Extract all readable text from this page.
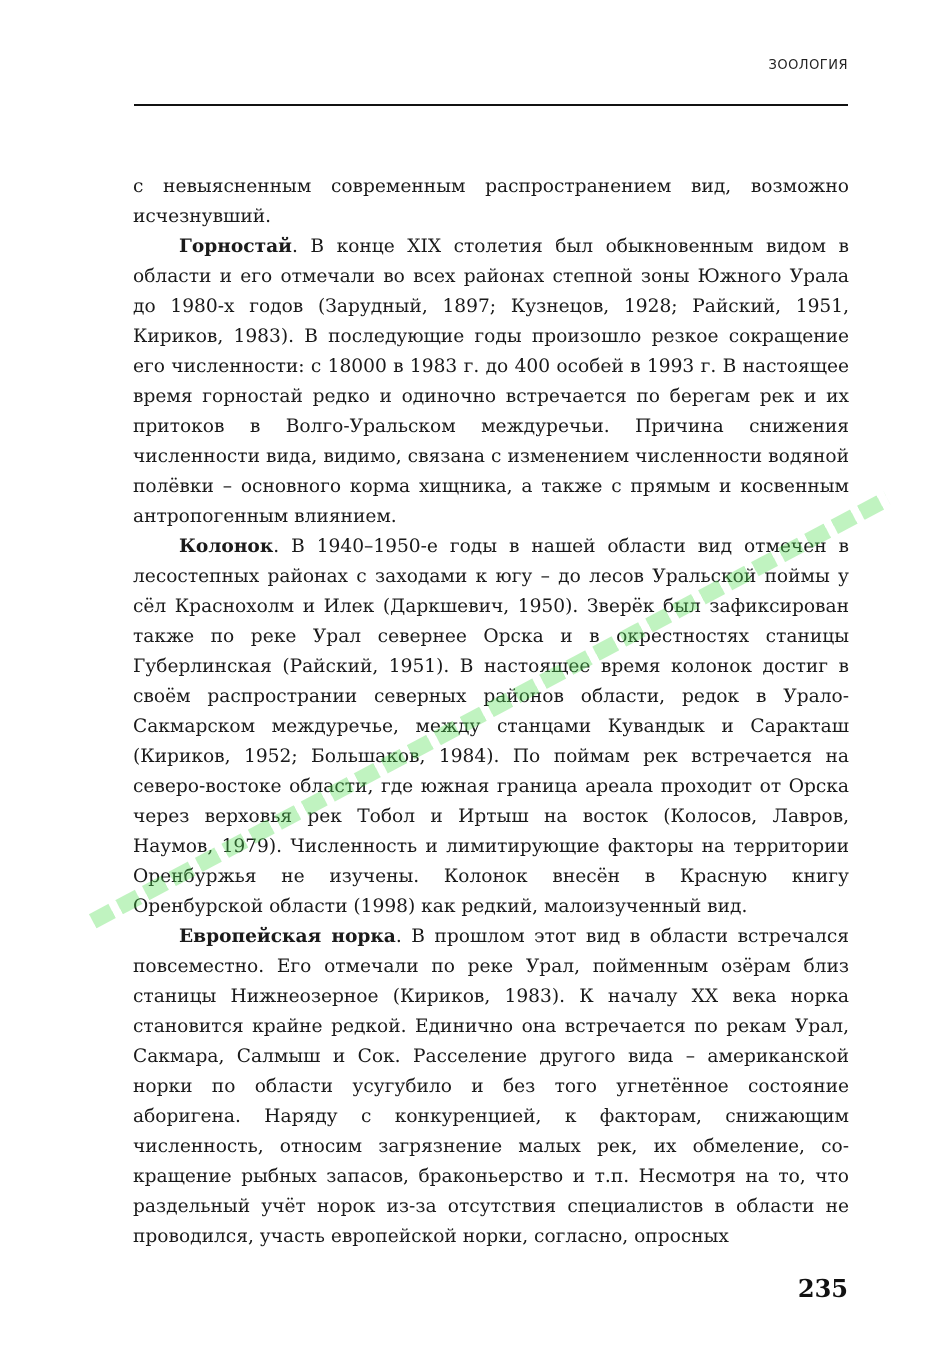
ЗООЛОГИЯ

с невыясненным современным распространением вид, возможно исчезнувший.

Горностай. В конце XIX столетия был обыкновенным видом в области и его отмечали во всех районах степной зоны Южного Урала до 1980-х годов (Зарудный, 1897; Кузнецов, 1928; Райский, 1951, Кириков, 1983). В последующие годы произошло резкое сокращение его численности: с 18000 в 1983 г. до 400 особей в 1993 г. В настоящее время горностай редко и одиночно встречается по берегам рек и их притоков в Волго-Уральском междуречьи. Причина снижения численности вида, видимо, связана с изменением численности водяной полёвки – основного корма хищника, а также с прямым и косвенным антропогенным влиянием.

Колонок. В 1940–1950-е годы в нашей области вид отмечен в лесостепных районах с заходами к югу – до лесов Уральской поймы у сёл Краснохолм и Илек (Даркшевич, 1950). Зверёк был зафиксирован также по реке Урал севернее Орска и в окрестностях станицы Губерлинская (Райский, 1951). В настоящее время колонок достиг в своём распространии северных районов области, редок в Урало-Сакмарском междуречье, между станцами Кувандык и Саракташ (Кириков, 1952; Большаков, 1984). По поймам рек встречается на северо-востоке области, где южная граница ареала проходит от Орска через верховья рек Тобол и Иртыш на восток (Колосов, Лавров, Наумов, 1979). Численность и лимитирующие факторы на территории Оренбуржья не изучены. Колонок внесён в Красную книгу Оренбурской области (1998) как редкий, малоизученный вид.

Европейская норка. В прошлом этот вид в области встречался повсеместно. Его отмечали по реке Урал, пойменным озёрам близ станицы Нижнеозерное (Кириков, 1983). К началу XX века норка становится крайне редкой. Единично она встречается по рекам Урал, Сакмара, Салмыш и Сок. Расселение другого вида – американской норки по области усугубило и без того угнетённое состояние аборигена. Наряду с конкуренцией, к факторам, снижающим численность, относим загрязнение малых рек, их обмеление, сокращение рыбных запасов, браконьерство и т.п. Несмотря на то, что раздельный учёт норок из-за отсутствия специалистов в области не проводился, участь европейской норки, согласно, опросных

235
